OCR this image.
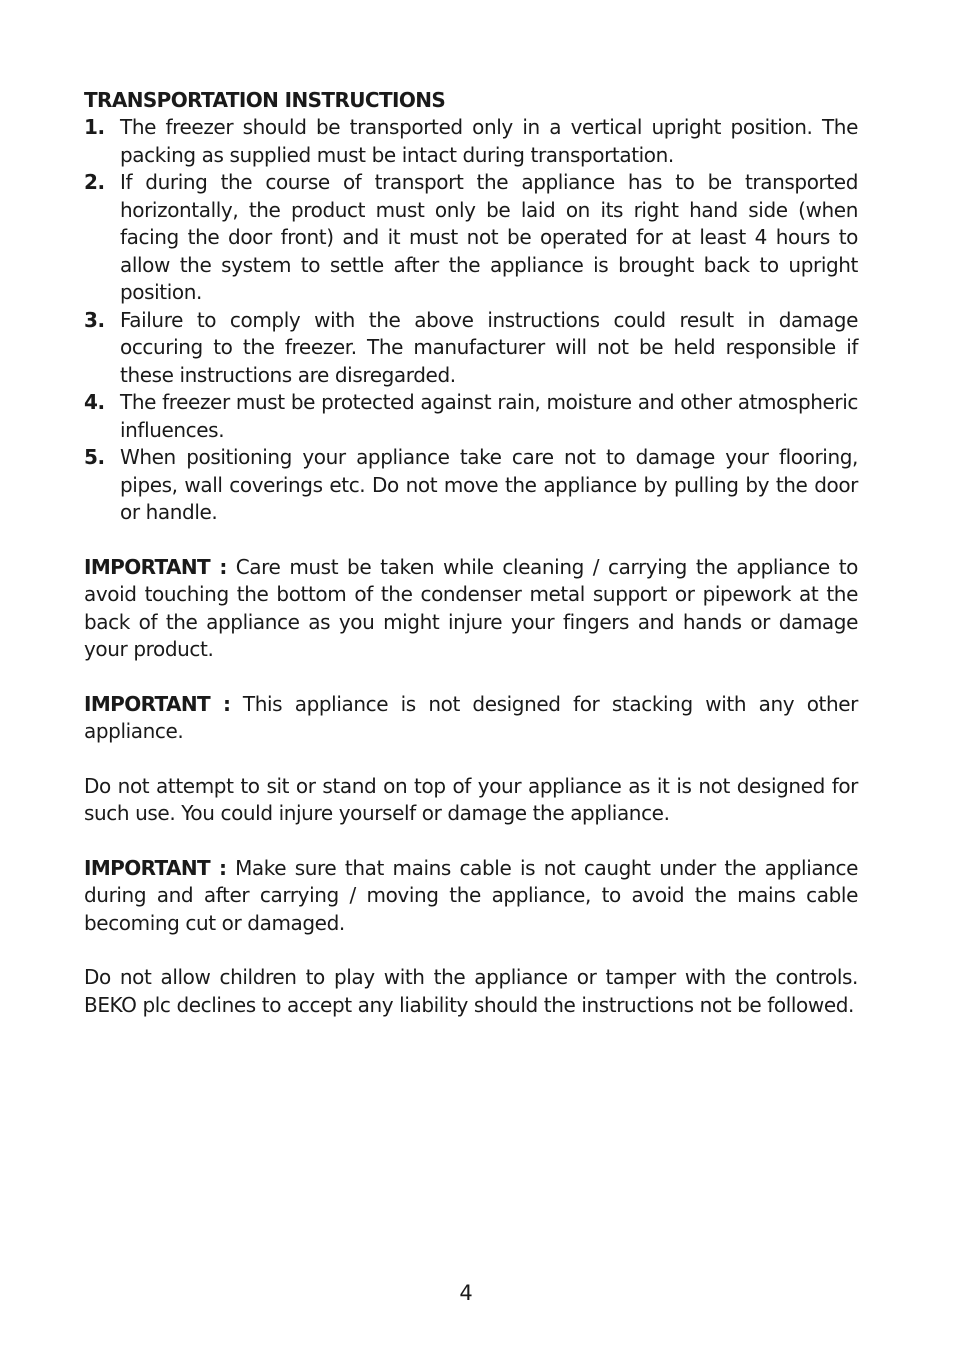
TRANSPORTATION INSTRUCTIONS
1. The freezer should be transported only in a vertical upright position. The packing as supplied must be intact during transportation.
2. If during the course of transport the appliance has to be transported horizontally, the product must only be laid on its right hand side (when facing the door front) and it must not be operated for at least 4 hours to allow the system to settle after the appliance is brought back to upright position.
3. Failure to comply with the above instructions could result in damage occuring to the freezer. The manufacturer will not be held responsible if these instructions are disregarded.
4. The freezer must be protected against rain, moisture and other atmospheric influences.
5. When positioning your appliance take care not to damage your flooring, pipes, wall coverings etc. Do not move the appliance by pulling by the door or handle.

IMPORTANT : Care must be taken while cleaning / carrying the appliance to avoid touching the bottom of the condenser metal support or pipework at the back of the appliance as you might injure your fingers and hands or damage your product.

IMPORTANT : This appliance is not designed for stacking with any other appliance.

Do not attempt to sit or stand on top of your appliance as it is not designed for such use. You could injure yourself or damage the appliance.

IMPORTANT : Make sure that mains cable is not caught under the appliance during and after carrying / moving the appliance, to avoid the mains cable becoming cut or damaged.

Do not allow children to play with the appliance or tamper with the controls. BEKO plc declines to accept any liability should the instructions not be followed.

4
